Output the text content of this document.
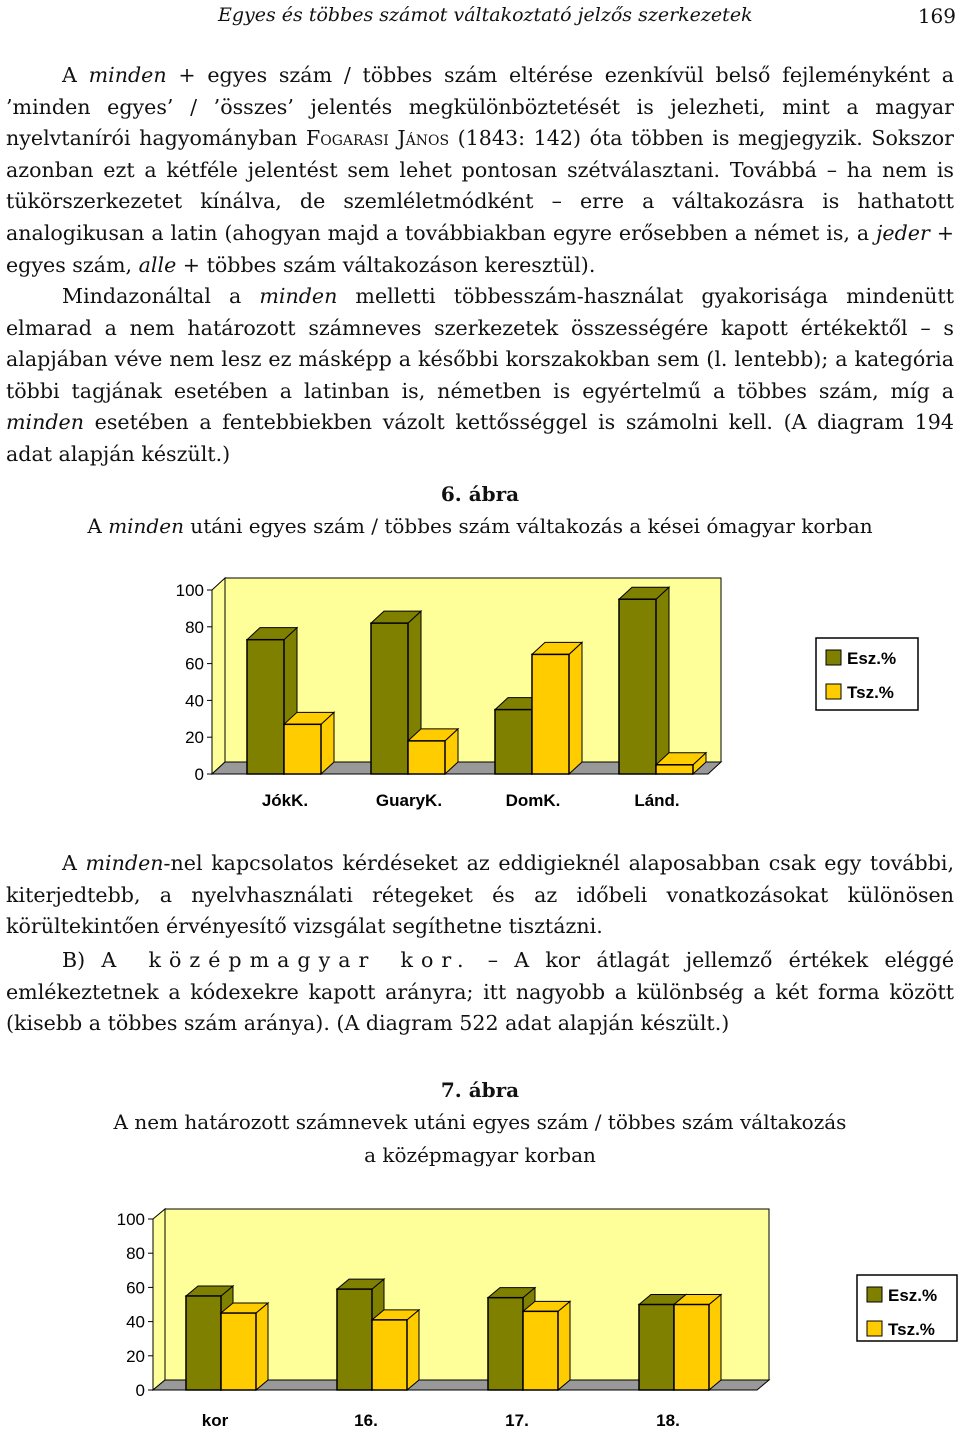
Egyes és többes számot váltakoztató jelzős szerkezetek	169

A minden + egyes szám / többes szám eltérése ezenkívül belső fejleményként a ’minden egyes’ / ’összes’ jelentés megkülönböztetését is jelezheti, mint a magyar nyelvtanírói hagyományban Fogarasi János (1843: 142) óta többen is megjegyzik. Sokszor azonban ezt a kétféle jelentést sem lehet pontosan szétválasztani. Továbbá – ha nem is tükörszerkezetet kínálva, de szemléletmódként – erre a váltakozásra is hathatott analogikusan a latin (ahogyan majd a továbbiakban egyre erősebben a német is, a jeder + egyes szám, alle + többes szám váltakozáson keresztül).

Mindazonáltal a minden melletti többesszám-használat gyakorisága mindenütt elmarad a nem határozott számneves szerkezetek összességére kapott értékektől – s alapjában véve nem lesz ez másképp a későbbi korszakokban sem (l. lentebb); a kategória többi tagjának esetében a latinban is, németben is egyértelmű a többes szám, míg a minden esetében a fentebbiekben vázolt kettősséggel is számolni kell. (A diagram 194 adat alapján készült.)

6. ábra
A minden utáni egyes szám / többes szám váltakozás a kései ómagyar korban
100
80
60
40
20
0
JókK.	GuaryK.	DomK.	Lánd.
Esz.%
Tsz.%

A minden-nel kapcsolatos kérdéseket az eddigieknél alaposabban csak egy további, kiterjedtebb, a nyelvhasználati rétegeket és az időbeli vonatkozásokat különösen körültekintően érvényesítő vizsgálat segíthetne tisztázni.

B) A középmagyar kor. – A kor átlagát jellemző értékek eléggé emlékeztetnek a kódexekre kapott arányra; itt nagyobb a különbség a két forma között (kisebb a többes szám aránya). (A diagram 522 adat alapján készült.)

7. ábra
A nem határozott számnevek utáni egyes szám / többes szám váltakozás
a középmagyar korban
100
80
60
40
20
0
kor	16.	17.	18.
Esz.%
Tsz.%
